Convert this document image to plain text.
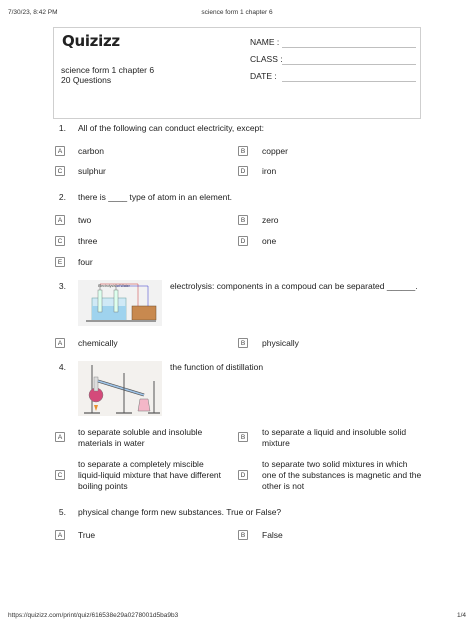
7/30/23, 8:42 PM	science form 1 chapter 6
Quizizz
science form 1 chapter 6
20 Questions
NAME :
CLASS :
DATE :
1. All of the following can conduct electricity, except:
A	carbon	B	copper
C	sulphur	D	iron
2. there is ____ type of atom in an element.
A	two	B	zero
C	three	D	one
E	four
3.	Electrolysis of Water	electrolysis: components in a compoud can be separated ______.
A	chemically	B	physically
4.	the function of distillation
A
to separate soluble and insoluble materials in water
B
to separate a liquid and insoluble solid mixture
C
to separate a completely miscible liquid-liquid mixture that have different boiling points
D
to separate two solid mixtures in which one of the substances is magnetic and the other is not
5. physical change form new substances. True or False?
A	True	B	False
https://quizizz.com/print/quiz/616538e29a0278001d5ba9b3	1/4
